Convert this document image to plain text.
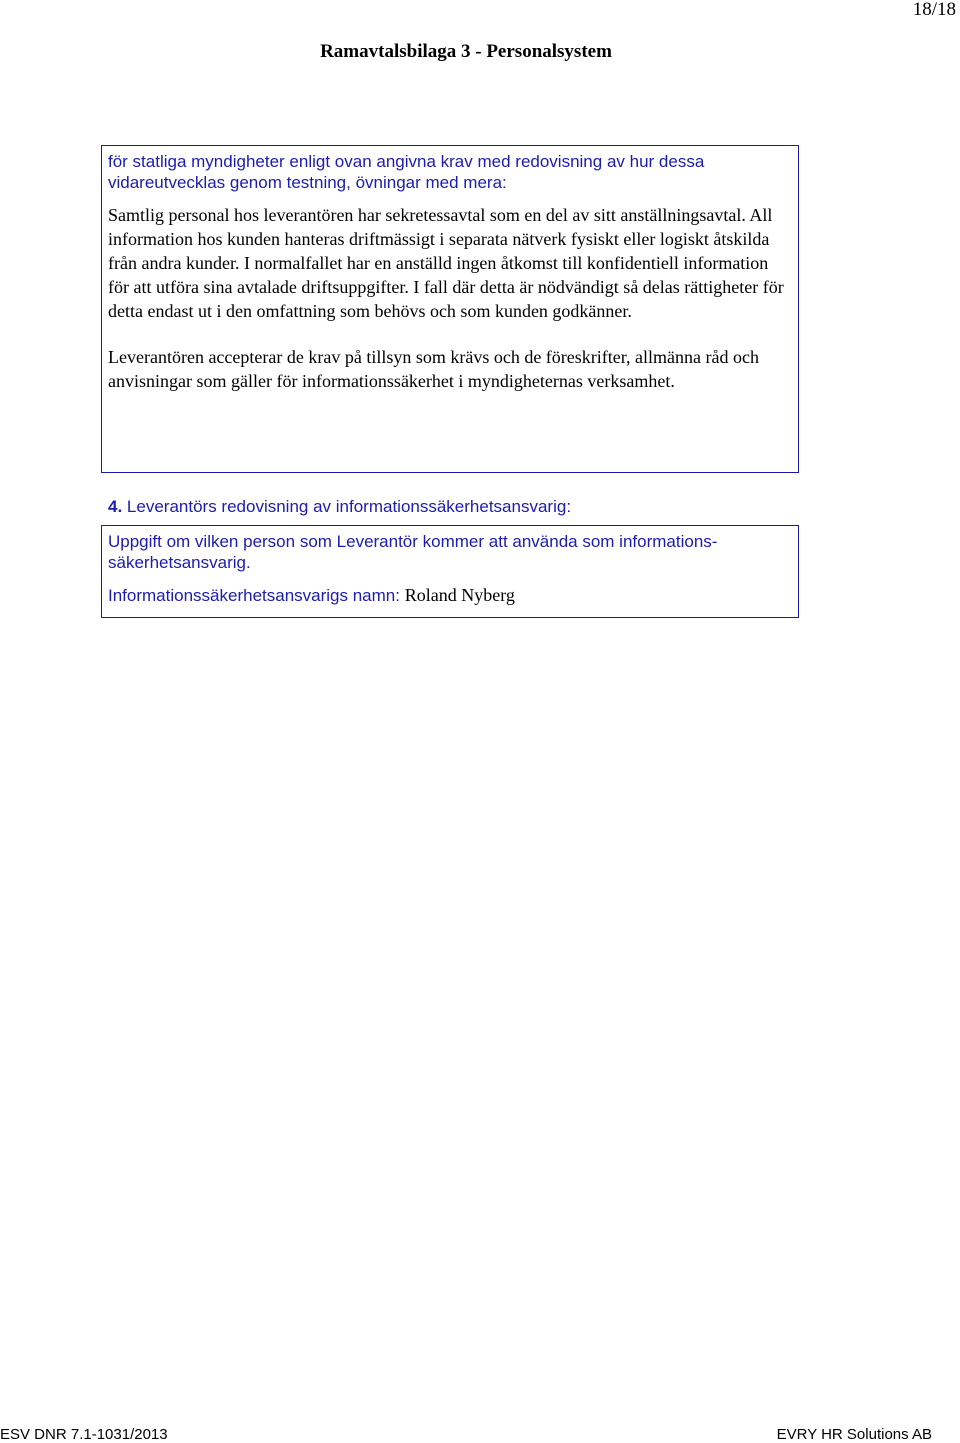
18/18
Ramavtalsbilaga 3 - Personalsystem

för statliga myndigheter enligt ovan angivna krav med redovisning av hur dessa vidareutvecklas genom testning, övningar med mera:

Samtlig personal hos leverantören har sekretessavtal som en del av sitt anställningsavtal. All information hos kunden hanteras driftmässigt i separata nätverk fysiskt eller logiskt åtskilda från andra kunder. I normalfallet har en anställd ingen åtkomst till konfidentiell information för att utföra sina avtalade driftsuppgifter. I fall där detta är nödvändigt så delas rättigheter för detta endast ut i den omfattning som behövs och som kunden godkänner.

Leverantören accepterar de krav på tillsyn som krävs och de föreskrifter, allmänna råd och anvisningar som gäller för informationssäkerhet i myndigheternas verksamhet.

4. Leverantörs redovisning av informationssäkerhetsansvarig:

Uppgift om vilken person som Leverantör kommer att använda som informations-säkerhetsansvarig.

Informationssäkerhetsansvarigs namn: Roland Nyberg

ESV DNR 7.1-1031/2013	EVRY HR Solutions AB
